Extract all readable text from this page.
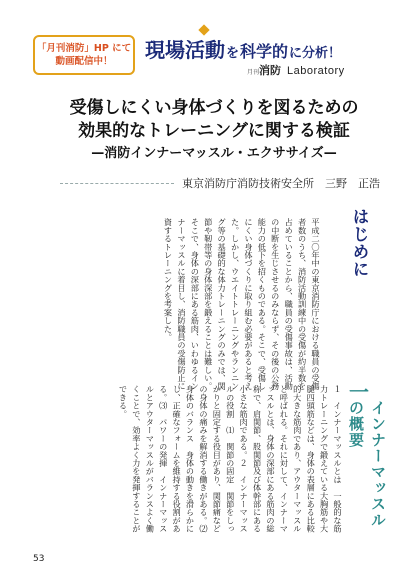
「月刊消防」HP にて
動画配信中！ 現場 活動 を 科学的 に分析！
月刊 消防 Laboratory
受傷しにくい身体づくりを図るための
効果的なトレーニングに関する検証
—消防インナーマッスル・エクササイズ—
東京消防庁消防技術安全所　三野　正浩
はじめに
平成二〇年中の東京消防庁における職員の受傷者数のうち、消防活動訓練中の受傷が約半数を占めていることから、職員の受傷事故は、活動の中断を生じさせるのみならず、その後の公務能力の低下を招くものである。そこで、受傷しにくい身体づくりに取り組む必要があると考えた。しかし、ウエイトトレーニングやランニング等の基礎的な体力トレーニングのみでは、関節や靭帯等の身体深部を鍛えることは難しい。そこで、身体の深部にある筋肉、いわゆるインナーマッスルに着目し、消防職員の受傷防止に資するトレーニングを考案した。
一
インナーマッスルの概要
１　インナーマッスルとは　一般的な筋力トレーニングで鍛えている大胸筋や大腿四頭筋などは、身体の表層にある比較的大きな筋肉であり、アウターマッスルと呼ばれる。それに対して、インナーマッスルとは、身体の深部にある筋肉の総称で、肩関節、股関節及び体幹部にある小さな筋肉である。２　インナーマッスルの役割　⑴　関節の固定　関節をしっかりと固定する役目があり、関節痛などの身体の痛みを解消する働きがある。⑵　身体のバランス　身体の動きを滑らかにし、正確なフォームを維持する役割がある。⑶　パワーの発揮　インナーマッスルとアウターマッスルがバランスよく働くことで、効率よく力を発揮することができる。
53
